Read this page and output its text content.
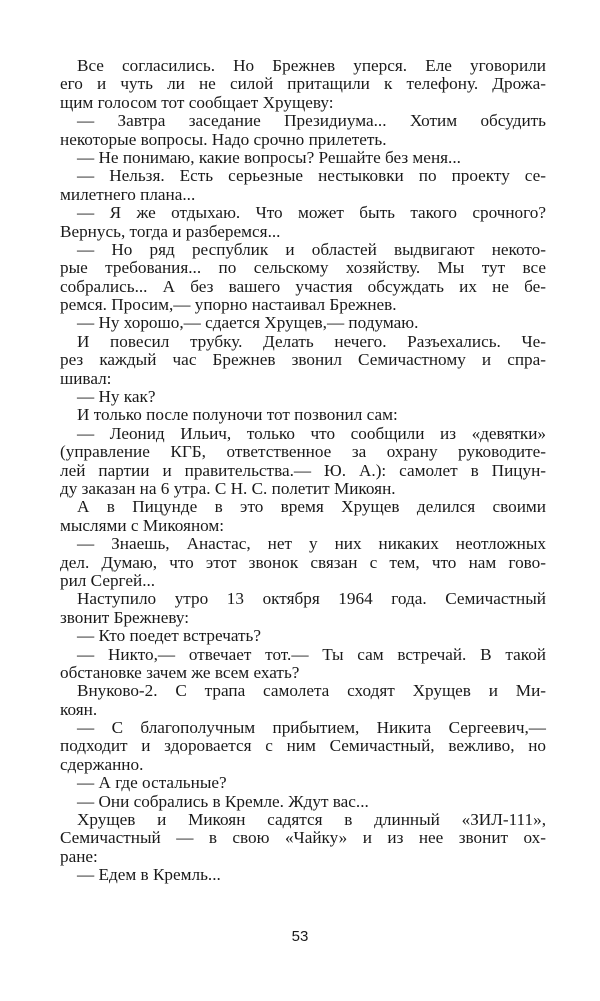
Все согласились. Но Брежнев уперся. Еле уговорили
его и чуть ли не силой притащили к телефону. Дрожа-
щим голосом тот сообщает Хрущеву:
— Завтра заседание Президиума... Хотим обсудить
некоторые вопросы. Надо срочно прилететь.
— Не понимаю, какие вопросы? Решайте без меня...
— Нельзя. Есть серьезные нестыковки по проекту се-
милетнего плана...
— Я же отдыхаю. Что может быть такого срочного?
Вернусь, тогда и разберемся...
— Но ряд республик и областей выдвигают некото-
рые требования... по сельскому хозяйству. Мы тут все
собрались... А без вашего участия обсуждать их не бе-
ремся. Просим,— упорно настаивал Брежнев.
— Ну хорошо,— сдается Хрущев,— подумаю.
И повесил трубку. Делать нечего. Разъехались. Че-
рез каждый час Брежнев звонил Семичастному и спра-
шивал:
— Ну как?
И только после полуночи тот позвонил сам:
— Леонид Ильич, только что сообщили из «девятки»
(управление КГБ, ответственное за охрану руководите-
лей партии и правительства.— Ю. А.): самолет в Пицун-
ду заказан на 6 утра. С Н. С. полетит Микоян.
А в Пицунде в это время Хрущев делился своими
мыслями с Микояном:
— Знаешь, Анастас, нет у них никаких неотложных
дел. Думаю, что этот звонок связан с тем, что нам гово-
рил Сергей...
Наступило утро 13 октября 1964 года. Семичастный
звонит Брежневу:
— Кто поедет встречать?
— Никто,— отвечает тот.— Ты сам встречай. В такой
обстановке зачем же всем ехать?
Внуково-2. С трапа самолета сходят Хрущев и Ми-
коян.
— С благополучным прибытием, Никита Сергеевич,—
подходит и здоровается с ним Семичастный, вежливо, но
сдержанно.
— А где остальные?
— Они собрались в Кремле. Ждут вас...
Хрущев и Микоян садятся в длинный «ЗИЛ-111»,
Семичастный — в свою «Чайку» и из нее звонит ох-
ране:
— Едем в Кремль...
53
